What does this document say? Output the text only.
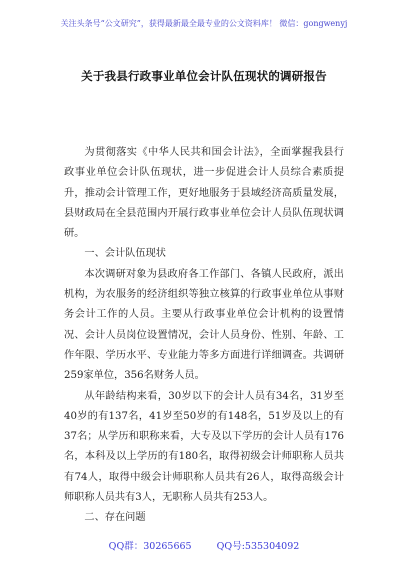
关注头条号“公文研究”，获得最新最全最专业的公文资料库！ 微信：gongwenyj
关于我县行政事业单位会计队伍现状的调研报告

为贯彻落实《中华人民共和国会计法》，全面掌握我县行政事业单位会计队伍现状，进一步促进会计人员综合素质提升，推动会计管理工作，更好地服务于县域经济高质量发展，县财政局在全县范围内开展行政事业单位会计人员队伍现状调研。

一、会计队伍现状

本次调研对象为县政府各工作部门、各镇人民政府，派出机构，为农服务的经济组织等独立核算的行政事业单位从事财务会计工作的人员。主要从行政事业单位会计机构的设置情况、会计人员岗位设置情况，会计人员身份、性别、年龄、工作年限、学历水平、专业能力等多方面进行详细调查。共调研259家单位，356名财务人员。

从年龄结构来看，30岁以下的会计人员有34名，31岁至40岁的有137名，41岁至50岁的有148名，51岁及以上的有37名；从学历和职称来看，大专及以下学历的会计人员有176名，本科及以上学历的有180名，取得初级会计师职称人员共有74人，取得中级会计师职称人员共有26人，取得高级会计师职称人员共有3人，无职称人员共有253人。

二、存在问题

QQ群：30265665	QQ号:535304092
